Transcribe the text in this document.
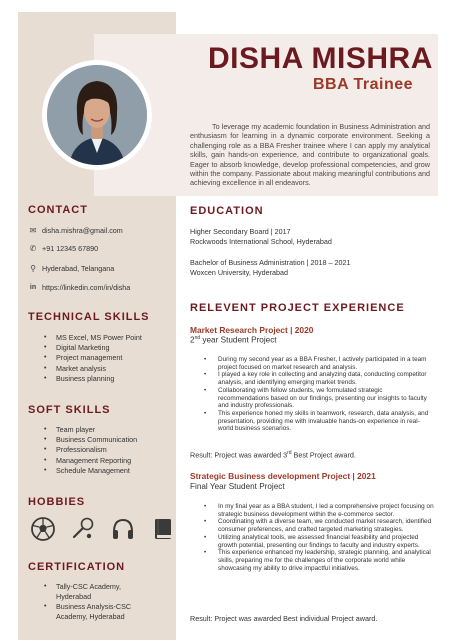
DISHA MISHRA
BBA Trainee

To leverage my academic foundation in Business Administration and enthusiasm for learning in a dynamic corporate environment. Seeking a challenging role as a BBA Fresher trainee where I can apply my analytical skills, gain hands-on experience, and contribute to organizational goals. Eager to absorb knowledge, develop professional competencies, and grow within the company. Passionate about making meaningful contributions and achieving excellence in all endeavors.

CONTACT
✉ disha.mishra@gmail.com
✆ +91 12345 67890
⚲ Hyderabad, Telangana
in https://linkedin.com/in/disha
TECHNICAL SKILLS
• MS Excel, MS Power Point
• Digital Marketing
• Project management
• Market analysis
• Business planning
SOFT SKILLS
• Team player
• Business Communication
• Professionalism
• Management Reporting
• Schedule Management
HOBBIES
CERTIFICATION
• Tally-CSC Academy,
Hyderabad
• Business Analysis-CSC
Academy, Hyderabad
EDUCATION
Higher Secondary Board | 2017
Rockwoods International School, Hyderabad
Bachelor of Business Administration | 2018 – 2021
Woxcen University, Hyderabad
RELEVENT PROJECT EXPERIENCE
Market Research Project | 2020
2nd year Student Project
• During my second year as a BBA Fresher, I actively participated in a team project focused on market research and analysis.
• I played a key role in collecting and analyzing data, conducting competitor analysis, and identifying emerging market trends.
• Collaborating with fellow students, we formulated strategic recommendations based on our findings, presenting our insights to faculty and industry professionals.
• This experience honed my skills in teamwork, research, data analysis, and presentation, providing me with invaluable hands-on experience in real-world business scenarios.
Result: Project was awarded 3rd Best Project award.
Strategic Business development Project | 2021
Final Year Student Project
• In my final year as a BBA student, I led a comprehensive project focusing on strategic business development within the e-commerce sector.
• Coordinating with a diverse team, we conducted market research, identified consumer preferences, and crafted targeted marketing strategies.
• Utilizing analytical tools, we assessed financial feasibility and projected growth potential, presenting our findings to faculty and industry experts.
• This experience enhanced my leadership, strategic planning, and analytical skills, preparing me for the challenges of the corporate world while showcasing my ability to drive impactful initiatives.
Result: Project was awarded Best individual Project award.
